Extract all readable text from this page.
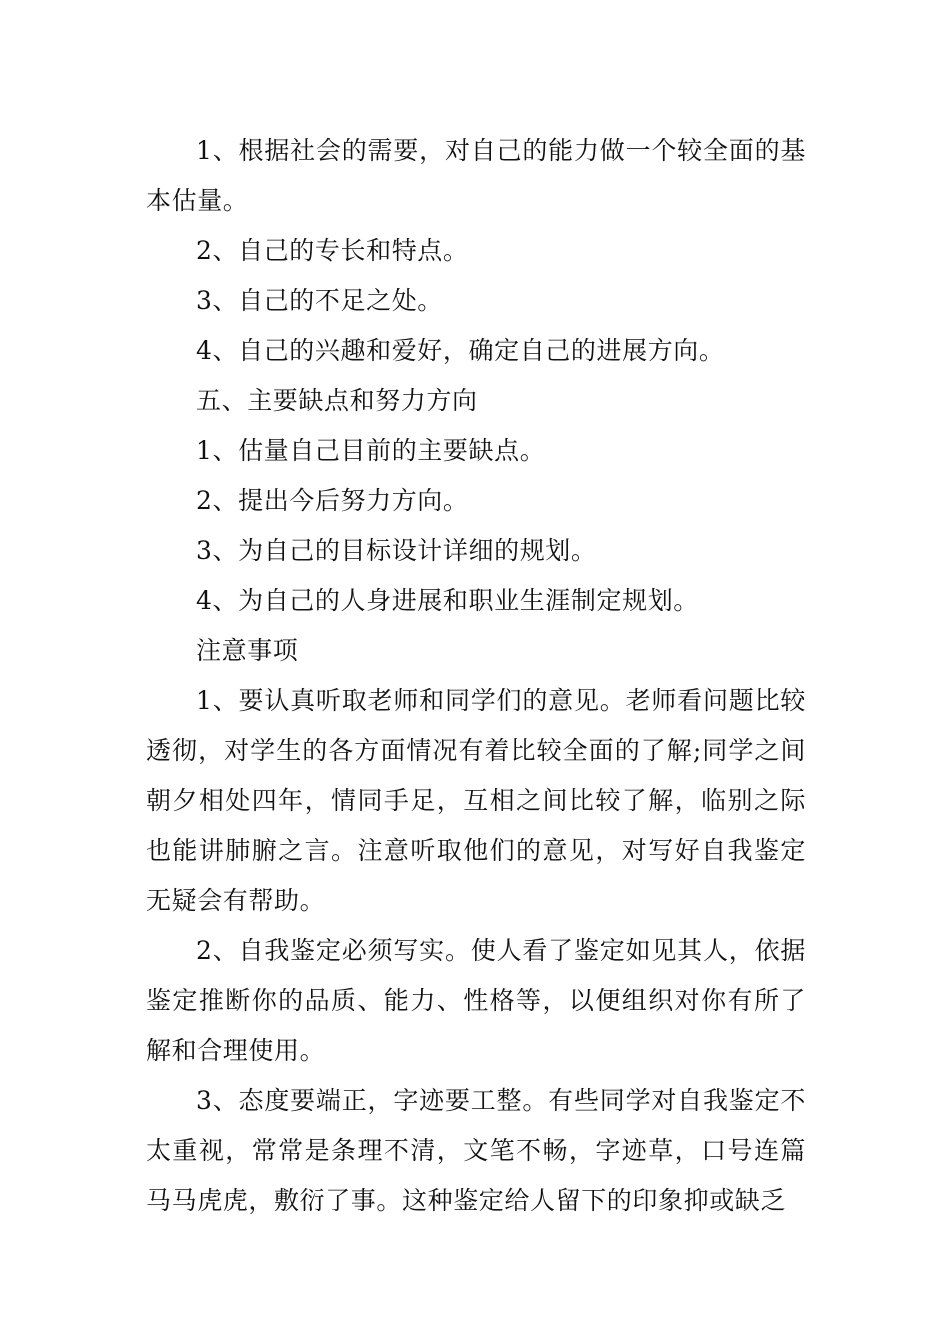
1、根据社会的需要，对自己的能力做一个较全面的基本估量。

2、自己的专长和特点。

3、自己的不足之处。

4、自己的兴趣和爱好，确定自己的进展方向。

五、主要缺点和努力方向

1、估量自己目前的主要缺点。

2、提出今后努力方向。

3、为自己的目标设计详细的规划。

4、为自己的人身进展和职业生涯制定规划。

注意事项

1、要认真听取老师和同学们的意见。老师看问题比较透彻，对学生的各方面情况有着比较全面的了解;同学之间朝夕相处四年，情同手足，互相之间比较了解，临别之际也能讲肺腑之言。注意听取他们的意见，对写好自我鉴定无疑会有帮助。

2、自我鉴定必须写实。使人看了鉴定如见其人，依据鉴定推断你的品质、能力、性格等，以便组织对你有所了解和合理使用。

3、态度要端正，字迹要工整。有些同学对自我鉴定不太重视，常常是条理不清，文笔不畅，字迹草，口号连篇马马虎虎，敷衍了事。这种鉴定给人留下的印象抑或缺乏
